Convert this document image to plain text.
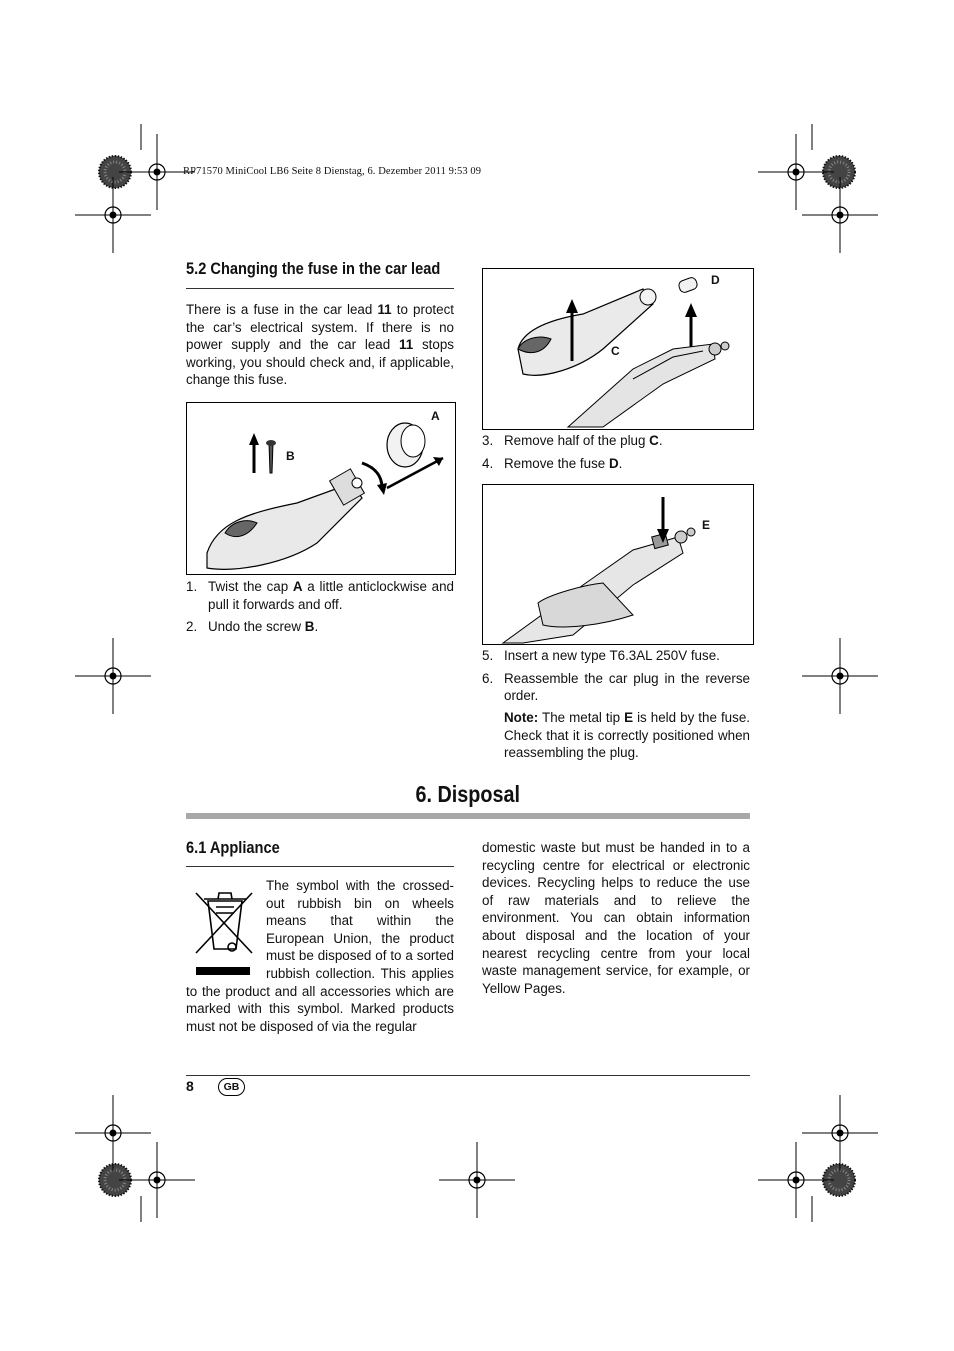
RP71570 MiniCool LB6 Seite 8 Dienstag, 6. Dezember 2011 9:53 09
5.2 Changing the fuse in the car lead
There is a fuse in the car lead 11 to protect the car’s electrical system. If there is no power supply and the car lead 11 stops working, you should check and, if applicable, change this fuse.
A
B
1. Twist the cap A a little anticlockwise and pull it forwards and off.
2. Undo the screw B.
D
C
3. Remove half of the plug C.
4. Remove the fuse D.
E
5. Insert a new type T6.3AL 250V fuse.
6. Reassemble the car plug in the reverse order.
Note: The metal tip E is held by the fuse. Check that it is correctly positioned when reassembling the plug.
6. Disposal
6.1 Appliance
The symbol with the crossed-out rubbish bin on wheels means that within the European Union, the product must be disposed of to a sorted rubbish collection. This applies to the product and all accessories which are marked with this symbol. Marked products must not be disposed of via the regular
domestic waste but must be handed in to a recycling centre for electrical or electronic devices. Recycling helps to reduce the use of raw materials and to relieve the environment. You can obtain information about disposal and the location of your nearest recycling centre from your local waste management service, for example, or Yellow Pages.
8	GB
